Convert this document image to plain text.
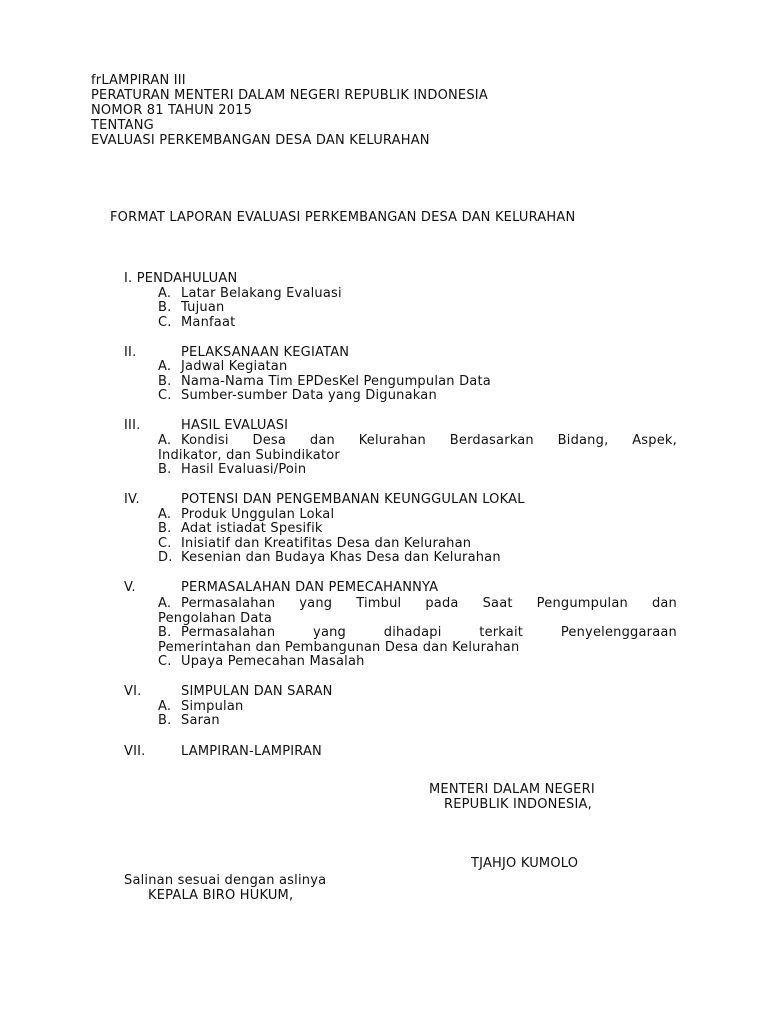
frLAMPIRAN III
PERATURAN MENTERI DALAM NEGERI REPUBLIK INDONESIA
NOMOR 81 TAHUN 2015
TENTANG
EVALUASI PERKEMBANGAN DESA DAN KELURAHAN
FORMAT LAPORAN EVALUASI PERKEMBANGAN DESA DAN KELURAHAN
I. PENDAHULUAN
A. Latar Belakang Evaluasi
B. Tujuan
C. Manfaat
II.	PELAKSANAAN KEGIATAN
A. Jadwal Kegiatan
B. Nama-Nama Tim EPDesKel Pengumpulan Data
C. Sumber-sumber Data yang Digunakan
III.	HASIL EVALUASI
A. Kondisi Desa dan Kelurahan Berdasarkan Bidang, Aspek,
Indikator, dan Subindikator
B. Hasil Evaluasi/Poin
IV.	POTENSI DAN PENGEMBANAN KEUNGGULAN LOKAL
A. Produk Unggulan Lokal
B. Adat istiadat Spesifik
C. Inisiatif dan Kreatifitas Desa dan Kelurahan
D. Kesenian dan Budaya Khas Desa dan Kelurahan
V.	PERMASALAHAN DAN PEMECAHANNYA
A. Permasalahan yang Timbul pada Saat Pengumpulan dan
Pengolahan Data
B. Permasalahan yang dihadapi terkait Penyelenggaraan
Pemerintahan dan Pembangunan Desa dan Kelurahan
C. Upaya Pemecahan Masalah
VI.	SIMPULAN DAN SARAN
A. Simpulan
B. Saran
VII.	LAMPIRAN-LAMPIRAN
MENTERI DALAM NEGERI
REPUBLIK INDONESIA,
TJAHJO KUMOLO
Salinan sesuai dengan aslinya
KEPALA BIRO HUKUM,
